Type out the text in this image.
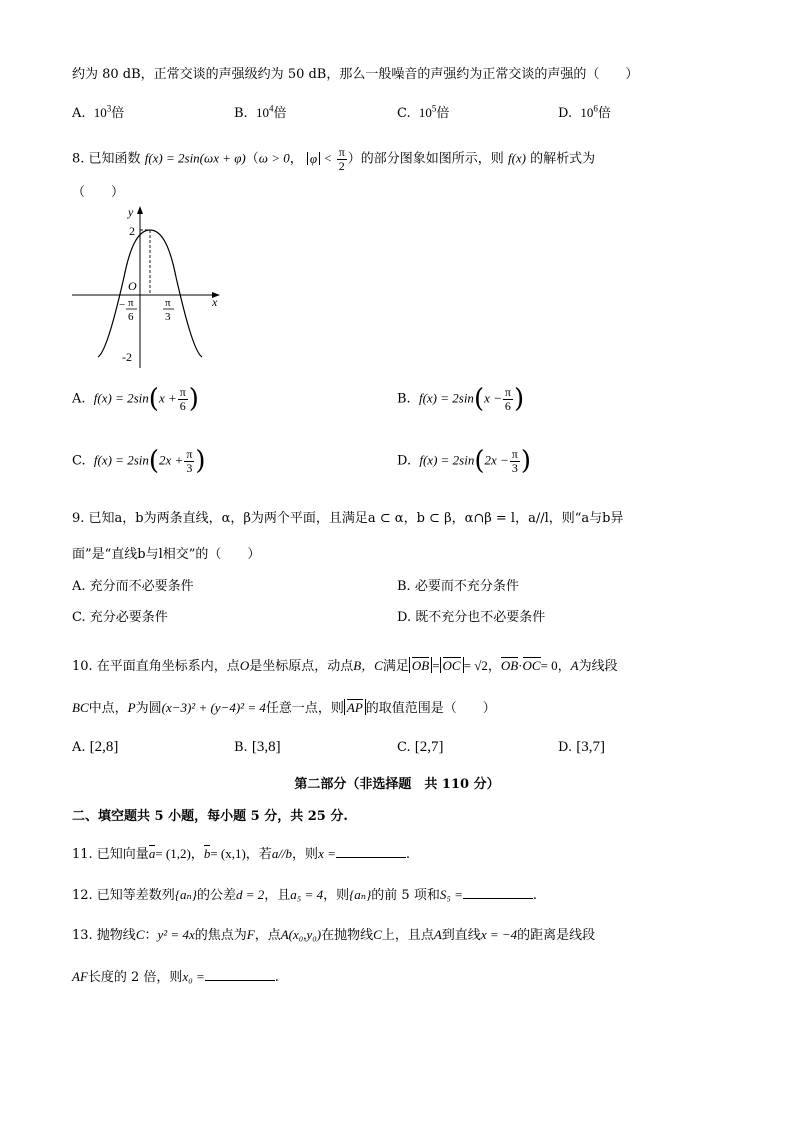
约为 80 dB，正常交谈的声强级约为 50 dB，那么一般噪音的声强约为正常交谈的声强的（　　）
A. $10^3$倍	B. $10^4$倍	C. $10^5$倍	D. $10^6$倍
8. 已知函数 f(x) = 2sin(ωx + φ)（ω > 0， $\varphi < \frac{\pi}{2}$ ）的部分图象如图所示，则 f(x) 的解析式为
（　　）
y
x
O
2
-2
− π
6
π
3
A. $f(x) = 2\sin(x + \frac{\pi}{6}$ )	B. $f(x) = 2\sin(x - \frac{\pi}{6}$ )
C. $f(x) = 2\sin(2x + \frac{\pi}{3}$ )	D. $f(x) = 2\sin(2x - \frac{\pi}{3}$ )
9. 已知a，b为两条直线，α，β为两个平面，且满足a ⊂ α，b ⊂ β，α∩β = l，a//l，则“a与b异
面”是“直线b与l相交”的（　　）
A. 充分而不必要条件	B. 必要而不充分条件
C. 充分必要条件	D. 既不充分也不必要条件
10. 在平面直角坐标系内，点O是坐标原点，动点B，C满足 OB = OC = √2，OB·OC= 0，A为线段
BC中点，P为圆(x−3)² + (y−4)² = 4任意一点，则 AP 的取值范围是（　　）
A. [2,8]	B. [3,8]	C. [2,7]	D. [3,7]
第二部分（非选择题　共 110 分）
二、填空题共 5 小题，每小题 5 分，共 25 分.
11. 已知向量a= (1,2)，b= (x,1)，若a//b，则x =	.
12. 已知等差数列{aₙ}的公差d = 2，且a₅ = 4，则{aₙ}的前 5 项和S₅ =	.
13. 抛物线C：y² = 4x的焦点为F，点A(x₀,y₀)在抛物线C上，且点A到直线x = −4的距离是线段
AF长度的 2 倍，则x₀ =	.
